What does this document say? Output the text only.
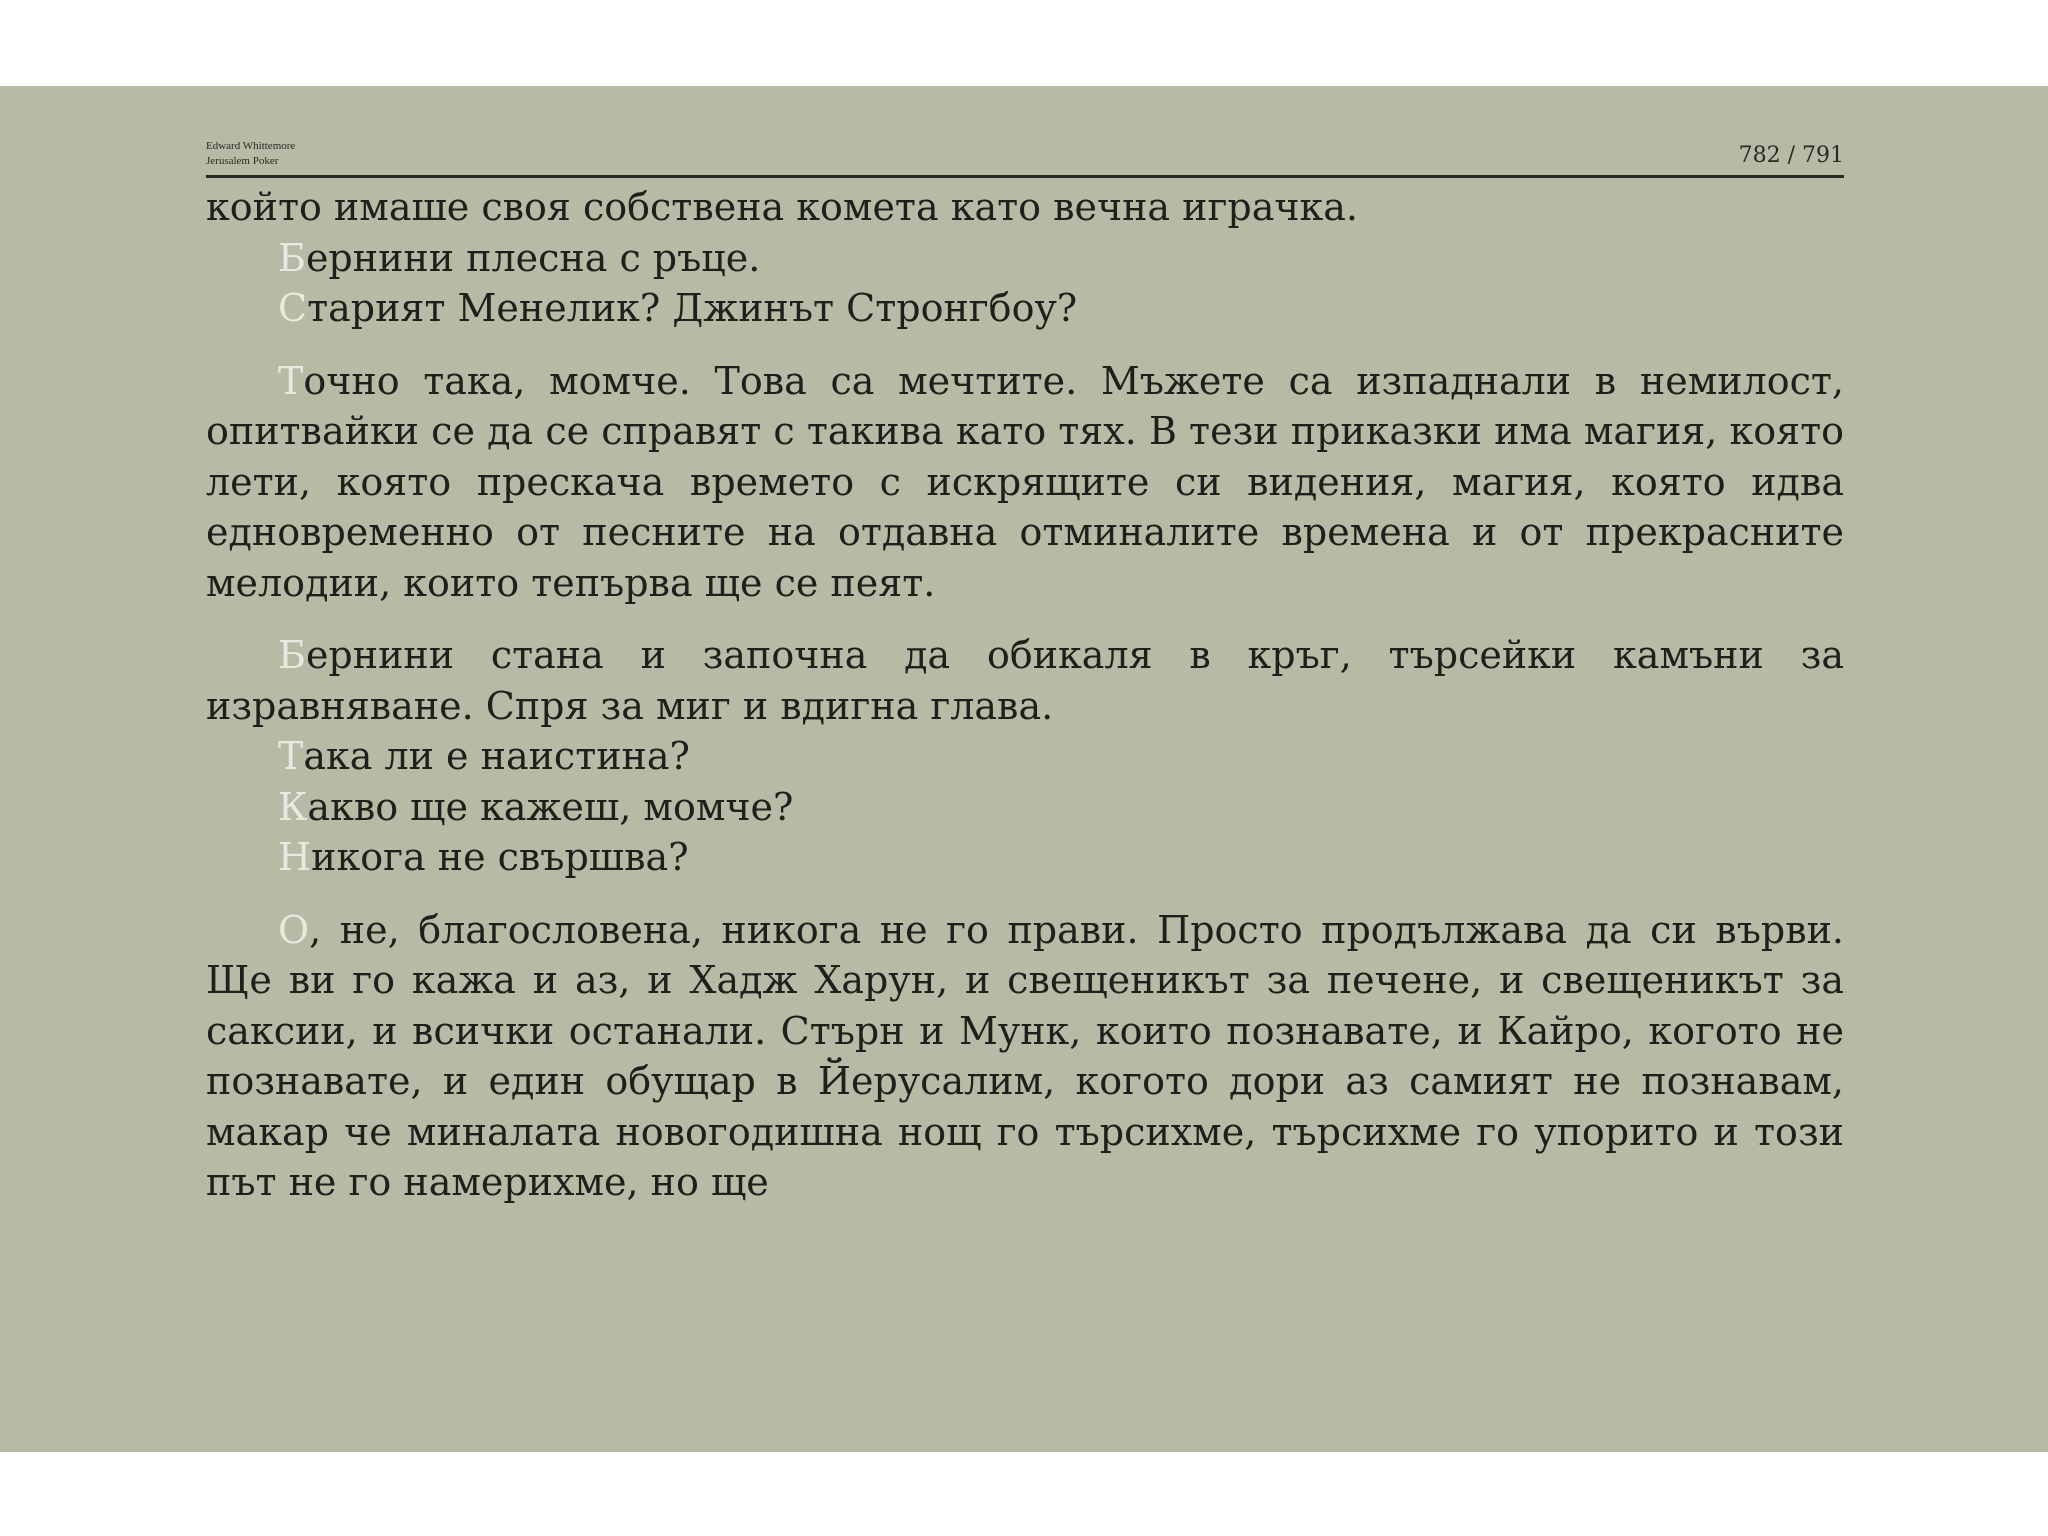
Edward Whittemore
Jerusalem Poker	782 / 791

който имаше своя собствена комета като вечна играчка.

Бернини плесна с ръце.

Старият Менелик? Джинът Стронгбоу?

Точно така, момче. Това са мечтите. Мъжете са изпаднали в немилост, опитвайки се да се справят с такива като тях. В тези приказки има магия, която лети, която прескача времето с искрящите си видения, магия, която идва едновременно от песните на отдавна отминалите времена и от прекрасните мелодии, които тепърва ще се пеят.

Бернини стана и започна да обикаля в кръг, търсейки камъни за изравняване. Спря за миг и вдигна глава.

Така ли е наистина?

Какво ще кажеш, момче?

Никога не свършва?

О, не, благословена, никога не го прави. Просто продължава да си върви. Ще ви го кажа и аз, и Хадж Харун, и свещеникът за печене, и свещеникът за саксии, и всички останали. Стърн и Мунк, които познавате, и Кайро, когото не познавате, и един обущар в Йерусалим, когото дори аз самият не познавам, макар че миналата новогодишна нощ го търсихме, търсихме го упорито и този път не го намерихме, но ще
